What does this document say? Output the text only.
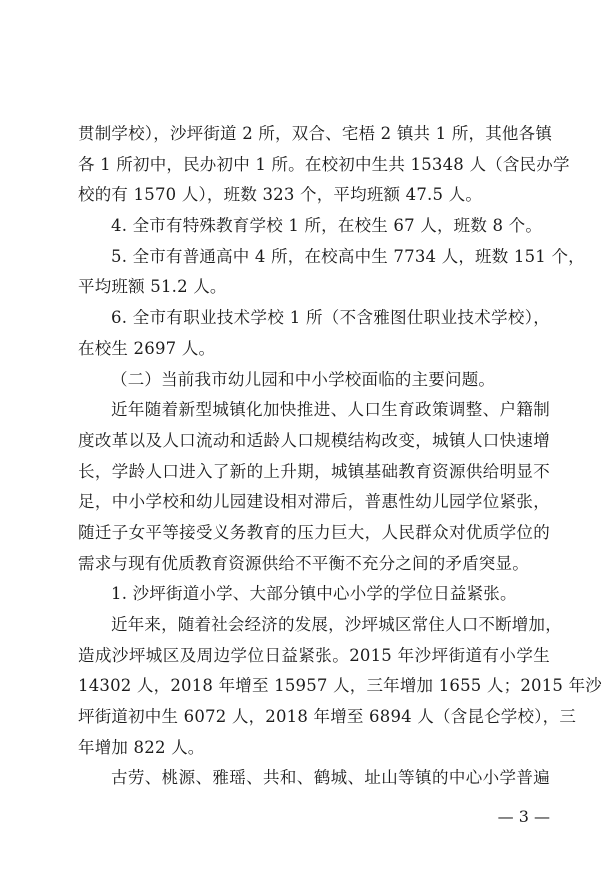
贯制学校），沙坪街道 2 所，双合、宅梧 2 镇共 1 所，其他各镇
各 1 所初中，民办初中 1 所。在校初中生共 15348 人（含民办学
校的有 1570 人），班数 323 个，平均班额 47.5 人。
4. 全市有特殊教育学校 1 所，在校生 67 人，班数 8 个。
5. 全市有普通高中 4 所，在校高中生 7734 人，班数 151 个，
平均班额 51.2 人。
6. 全市有职业技术学校 1 所（不含雅图仕职业技术学校），
在校生 2697 人。
（二）当前我市幼儿园和中小学校面临的主要问题。
近年随着新型城镇化加快推进、人口生育政策调整、户籍制
度改革以及人口流动和适龄人口规模结构改变，城镇人口快速增
长，学龄人口进入了新的上升期，城镇基础教育资源供给明显不
足，中小学校和幼儿园建设相对滞后，普惠性幼儿园学位紧张，
随迁子女平等接受义务教育的压力巨大，人民群众对优质学位的
需求与现有优质教育资源供给不平衡不充分之间的矛盾突显。
1. 沙坪街道小学、大部分镇中心小学的学位日益紧张。
近年来，随着社会经济的发展，沙坪城区常住人口不断增加，
造成沙坪城区及周边学位日益紧张。2015 年沙坪街道有小学生
14302 人，2018 年增至 15957 人，三年增加 1655 人；2015 年沙
坪街道初中生 6072 人，2018 年增至 6894 人（含昆仑学校），三
年增加 822 人。
古劳、桃源、雅瑶、共和、鹤城、址山等镇的中心小学普遍
— 3 —
